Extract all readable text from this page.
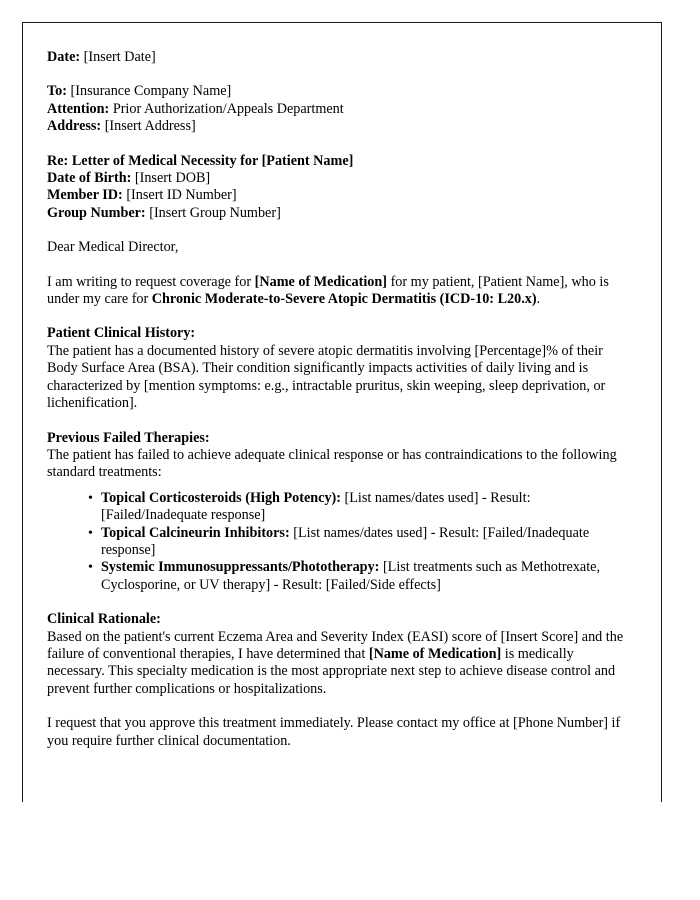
Date: [Insert Date]
To: [Insurance Company Name]
Attention: Prior Authorization/Appeals Department
Address: [Insert Address]
Re: Letter of Medical Necessity for [Patient Name]
Date of Birth: [Insert DOB]
Member ID: [Insert ID Number]
Group Number: [Insert Group Number]
Dear Medical Director,

I am writing to request coverage for [Name of Medication] for my patient, [Patient Name], who is under my care for Chronic Moderate-to-Severe Atopic Dermatitis (ICD-10: L20.x).

Patient Clinical History:

The patient has a documented history of severe atopic dermatitis involving [Percentage]% of their Body Surface Area (BSA). Their condition significantly impacts activities of daily living and is characterized by [mention symptoms: e.g., intractable pruritus, skin weeping, sleep deprivation, or lichenification].

Previous Failed Therapies:

The patient has failed to achieve adequate clinical response or has contraindications to the following standard treatments:

• Topical Corticosteroids (High Potency): [List names/dates used] - Result: [Failed/Inadequate response]
• Topical Calcineurin Inhibitors: [List names/dates used] - Result: [Failed/Inadequate response]
• Systemic Immunosuppressants/Phototherapy: [List treatments such as Methotrexate, Cyclosporine, or UV therapy] - Result: [Failed/Side effects]
Clinical Rationale:

Based on the patient's current Eczema Area and Severity Index (EASI) score of [Insert Score] and the failure of conventional therapies, I have determined that [Name of Medication] is medically necessary. This specialty medication is the most appropriate next step to achieve disease control and prevent further complications or hospitalizations.

I request that you approve this treatment immediately. Please contact my office at [Phone Number] if you require further clinical documentation.
